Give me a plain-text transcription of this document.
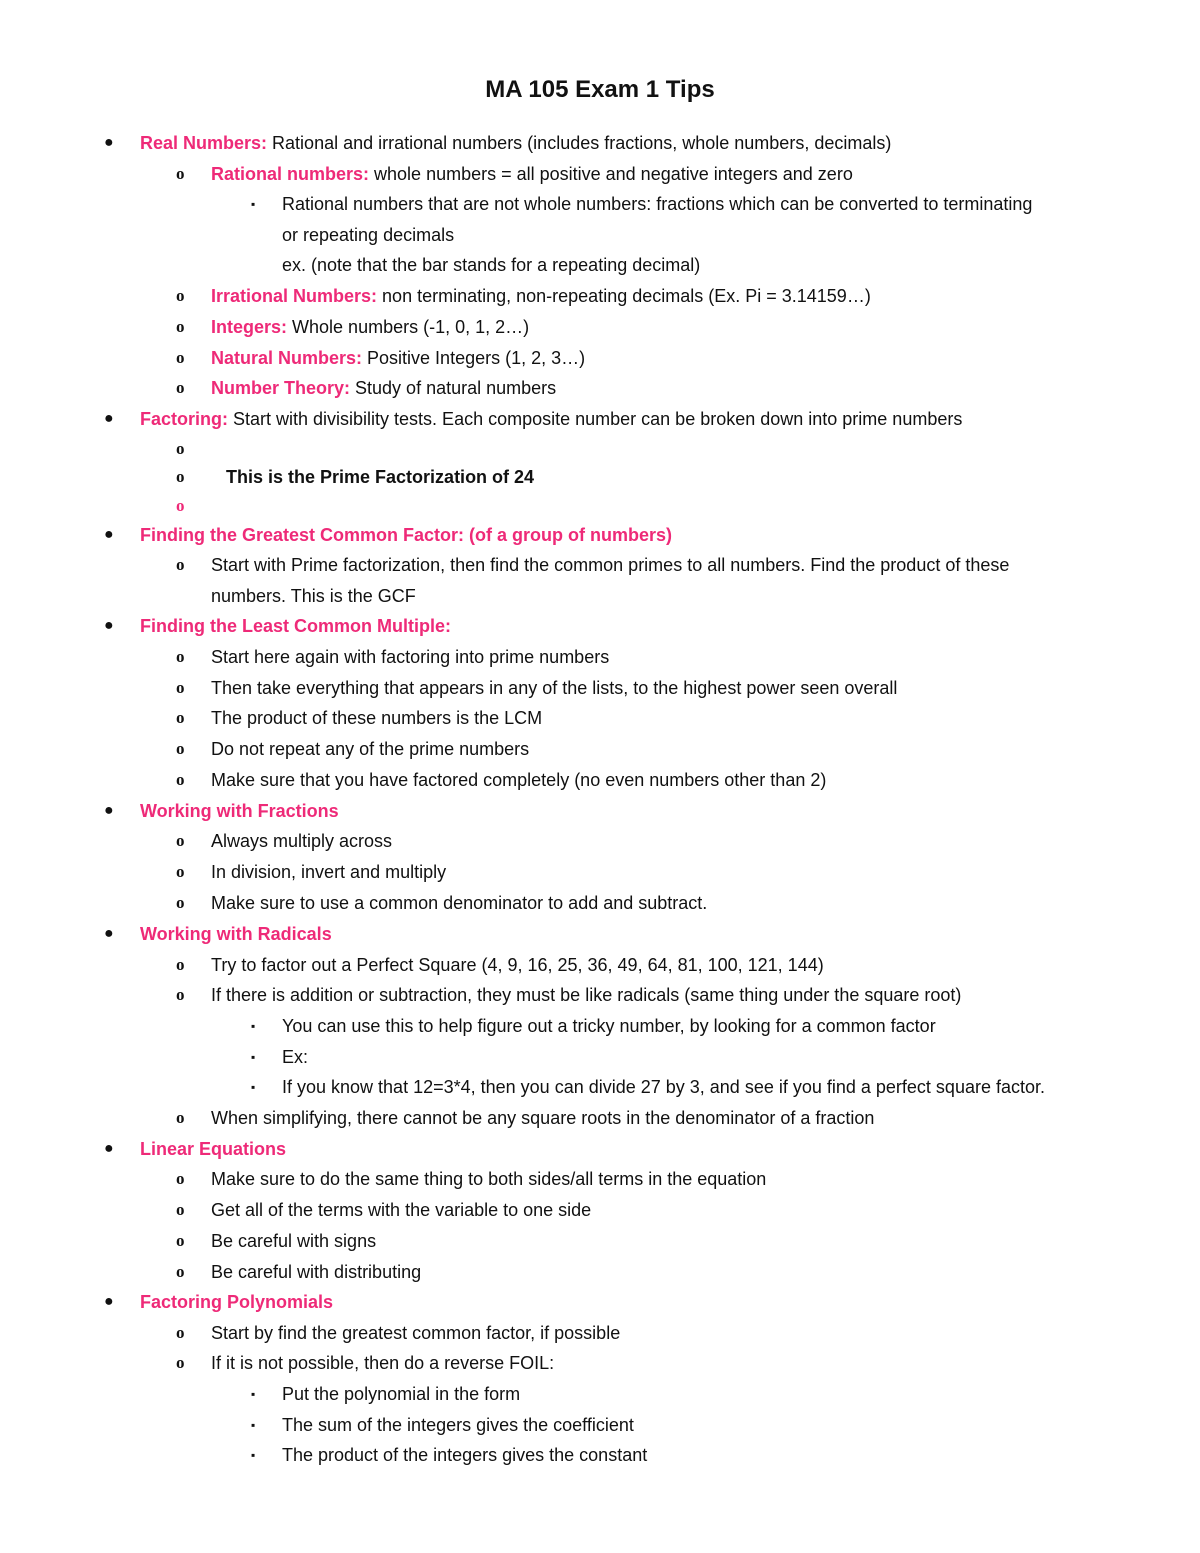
MA 105 Exam 1 Tips
● Real Numbers: Rational and irrational numbers (includes fractions, whole numbers, decimals)
o Rational numbers: whole numbers = all positive and negative integers and zero
▪ Rational numbers that are not whole numbers: fractions which can be converted to terminating
or repeating decimals
ex. (note that the bar stands for a repeating decimal)
o Irrational Numbers: non terminating, non-repeating decimals (Ex. Pi = 3.14159…)
o Integers: Whole numbers (-1, 0, 1, 2…)
o Natural Numbers: Positive Integers (1, 2, 3…)
o Number Theory: Study of natural numbers
● Factoring: Start with divisibility tests. Each composite number can be broken down into prime numbers
o
o This is the Prime Factorization of 24
o
● Finding the Greatest Common Factor: (of a group of numbers)
o Start with Prime factorization, then find the common primes to all numbers. Find the product of these
numbers. This is the GCF
● Finding the Least Common Multiple:
o Start here again with factoring into prime numbers
o Then take everything that appears in any of the lists, to the highest power seen overall
o The product of these numbers is the LCM
o Do not repeat any of the prime numbers
o Make sure that you have factored completely (no even numbers other than 2)
● Working with Fractions
o Always multiply across
o In division, invert and multiply
o Make sure to use a common denominator to add and subtract.
● Working with Radicals
o Try to factor out a Perfect Square (4, 9, 16, 25, 36, 49, 64, 81, 100, 121, 144)
o If there is addition or subtraction, they must be like radicals (same thing under the square root)
▪ You can use this to help figure out a tricky number, by looking for a common factor
▪ Ex:
▪ If you know that 12=3*4, then you can divide 27 by 3, and see if you find a perfect square factor.
o When simplifying, there cannot be any square roots in the denominator of a fraction
● Linear Equations
o Make sure to do the same thing to both sides/all terms in the equation
o Get all of the terms with the variable to one side
o Be careful with signs
o Be careful with distributing
● Factoring Polynomials
o Start by find the greatest common factor, if possible
o If it is not possible, then do a reverse FOIL:
▪ Put the polynomial in the form
▪ The sum of the integers gives the coefficient
▪ The product of the integers gives the constant
